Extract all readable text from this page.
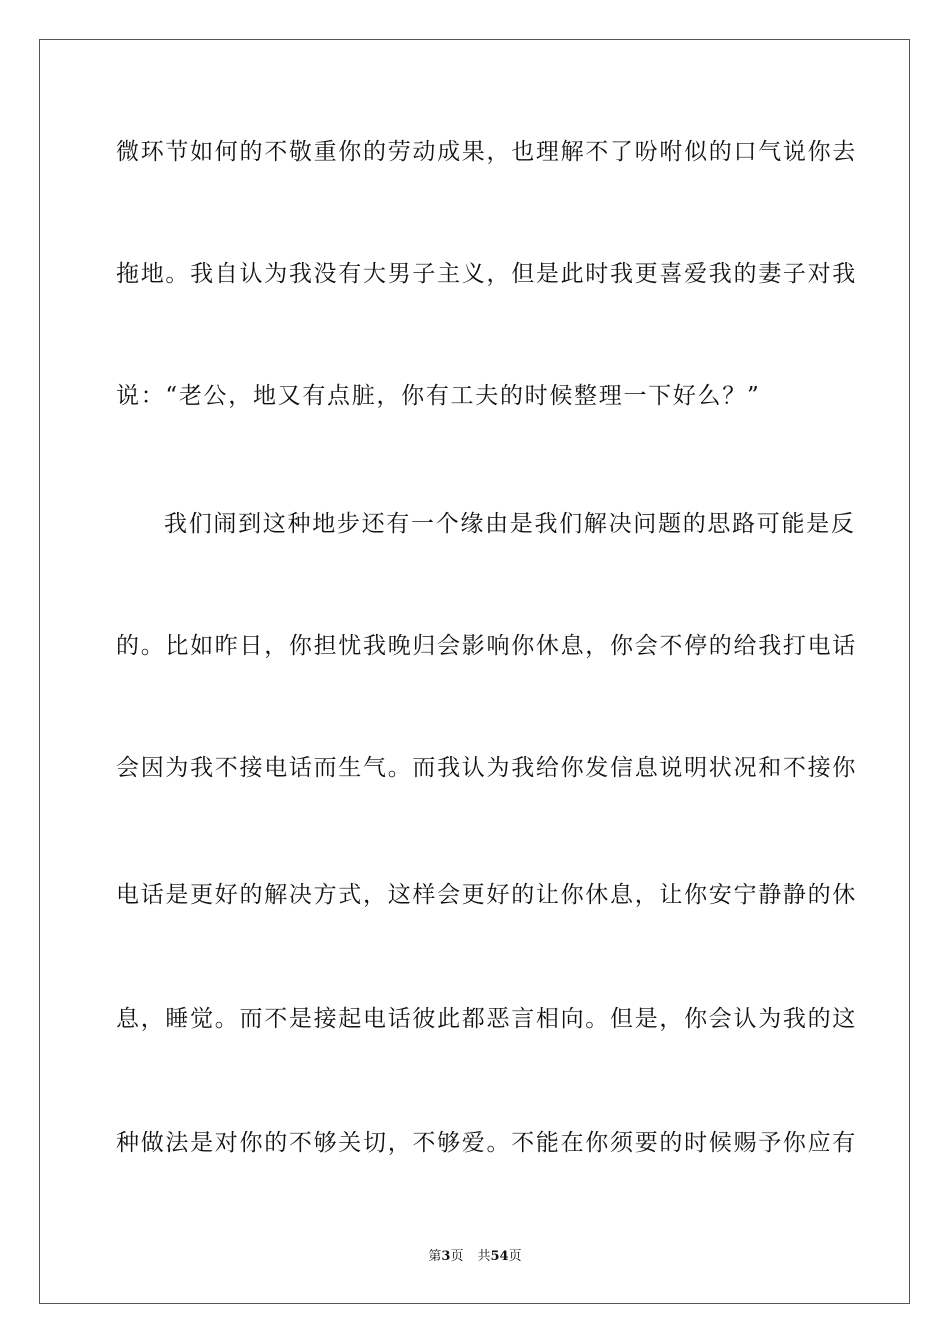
微环节如何的不敬重你的劳动成果，也理解不了吩咐似的口气说你去
拖地。我自认为我没有大男子主义，但是此时我更喜爱我的妻子对我
说：“老公，地又有点脏，你有工夫的时候整理一下好么？”
我们闹到这种地步还有一个缘由是我们解决问题的思路可能是反
的。比如昨日，你担忧我晚归会影响你休息，你会不停的给我打电话
会因为我不接电话而生气。而我认为我给你发信息说明状况和不接你
电话是更好的解决方式，这样会更好的让你休息，让你安宁静静的休
息，睡觉。而不是接起电话彼此都恶言相向。但是，你会认为我的这
种做法是对你的不够关切，不够爱。不能在你须要的时候赐予你应有
第3页 共54页
